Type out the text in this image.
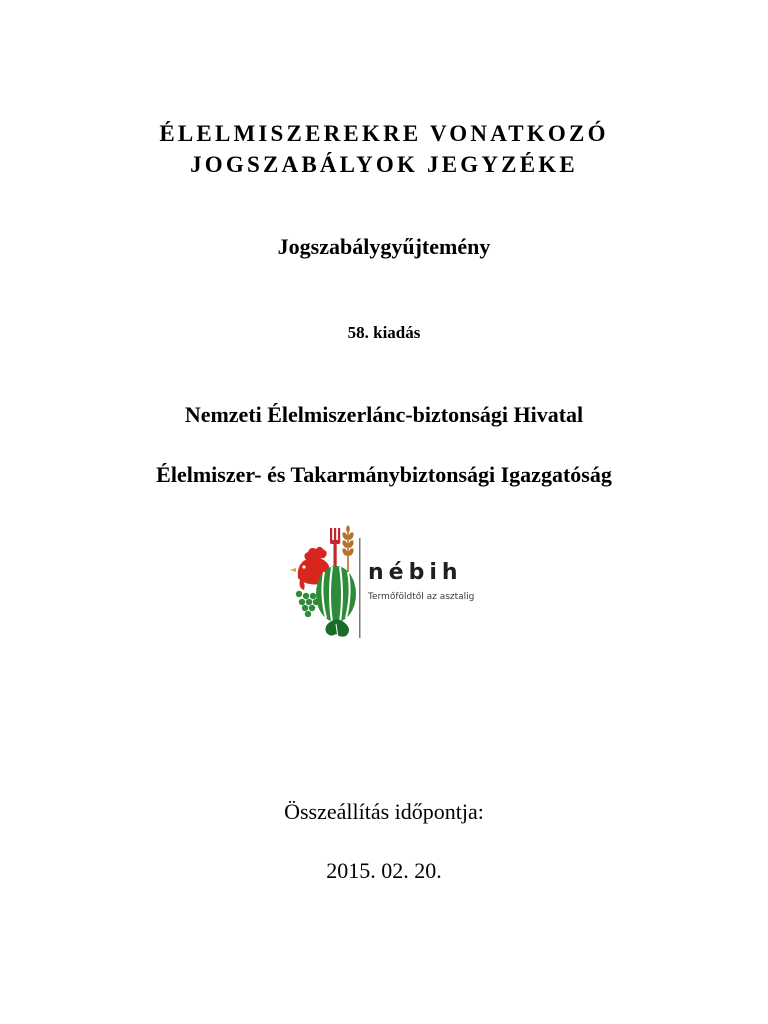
ÉLELMISZEREKRE VONATKOZÓ
JOGSZABÁLYOK JEGYZÉKE
Jogszabálygyűjtemény
58. kiadás
Nemzeti Élelmiszerlánc-biztonsági Hivatal
Élelmiszer- és Takarmánybiztonsági Igazgatóság
nébih
Termőföldtől az asztalig
Összeállítás időpontja:
2015. 02. 20.
